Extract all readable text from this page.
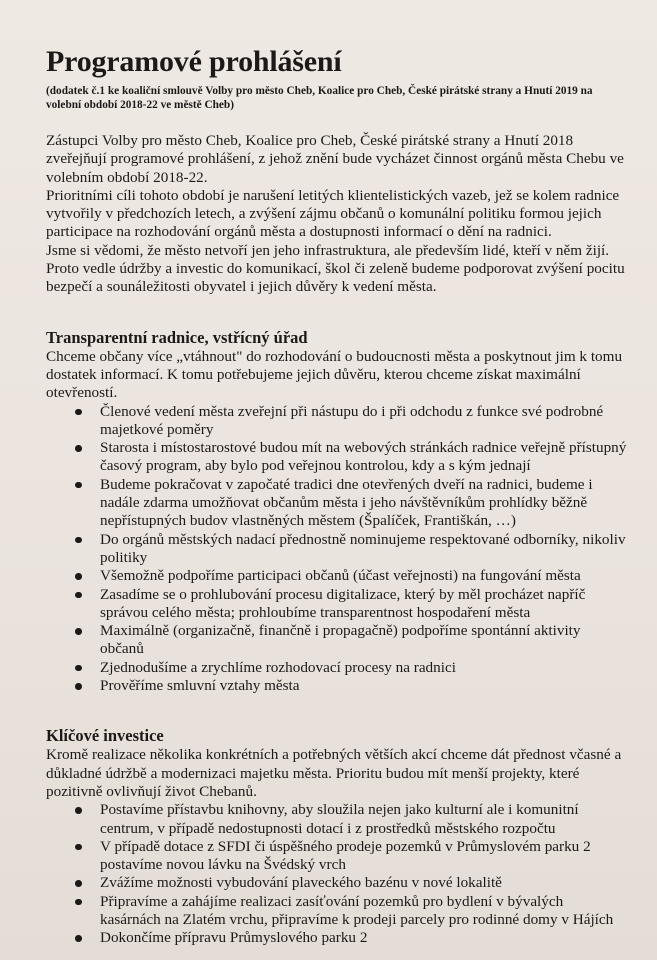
Programové prohlášení

(dodatek č.1 ke koaliční smlouvě Volby pro město Cheb, Koalice pro Cheb, České pirátské strany a Hnutí 2019 na volební období 2018-22 ve městě Cheb)

Zástupci Volby pro město Cheb, Koalice pro Cheb, České pirátské strany a Hnutí 2018 zveřejňují programové prohlášení, z jehož znění bude vycházet činnost orgánů města Chebu ve volebním období 2018-22.

Prioritními cíli tohoto období je narušení letitých klientelistických vazeb, jež se kolem radnice vytvořily v předchozích letech, a zvýšení zájmu občanů o komunální politiku formou jejich participace na rozhodování orgánů města a dostupnosti informací o dění na radnici.

Jsme si vědomi, že město netvoří jen jeho infrastruktura, ale především lidé, kteří v něm žijí.

Proto vedle údržby a investic do komunikací, škol či zeleně budeme podporovat zvýšení pocitu bezpečí a sounáležitosti obyvatel i jejich důvěry k vedení města.

Transparentní radnice, vstřícný úřad

Chceme občany více „vtáhnout" do rozhodování o budoucnosti města a poskytnout jim k tomu dostatek informací. K tomu potřebujeme jejich důvěru, kterou chceme získat maximální otevřeností.

Členové vedení města zveřejní při nástupu do i při odchodu z funkce své podrobné majetkové poměry
Starosta i místostarostové budou mít na webových stránkách radnice veřejně přístupný časový program, aby bylo pod veřejnou kontrolou, kdy a s kým jednají
Budeme pokračovat v započaté tradici dne otevřených dveří na radnici, budeme i nadále zdarma umožňovat občanům města i jeho návštěvníkům prohlídky běžně nepřístupných budov vlastněných městem (Špalíček, Františkán, …)
Do orgánů městských nadací přednostně nominujeme respektované odborníky, nikoliv politiky
Všemožně podpoříme participaci občanů (účast veřejnosti) na fungování města
Zasadíme se o prohlubování procesu digitalizace, který by měl procházet napříč správou celého města; prohloubíme transparentnost hospodaření města
Maximálně (organizačně, finančně i propagačně) podpoříme spontánní aktivity občanů
Zjednodušíme a zrychlíme rozhodovací procesy na radnici
Prověříme smluvní vztahy města
Klíčové investice

Kromě realizace několika konkrétních a potřebných větších akcí chceme dát přednost včasné a důkladné údržbě a modernizaci majetku města. Prioritu budou mít menší projekty, které pozitivně ovlivňují život Chebanů.

Postavíme přístavbu knihovny, aby sloužila nejen jako kulturní ale i komunitní centrum, v případě nedostupnosti dotací i z prostředků městského rozpočtu
V případě dotace z SFDI či úspěšného prodeje pozemků v Průmyslovém parku 2 postavíme novou lávku na Švédský vrch
Zvážíme možnosti vybudování plaveckého bazénu v nové lokalitě
Připravíme a zahájíme realizaci zasíťování pozemků pro bydlení v bývalých kasárnách na Zlatém vrchu, připravíme k prodeji parcely pro rodinné domy v Hájích
Dokončíme přípravu Průmyslového parku 2
